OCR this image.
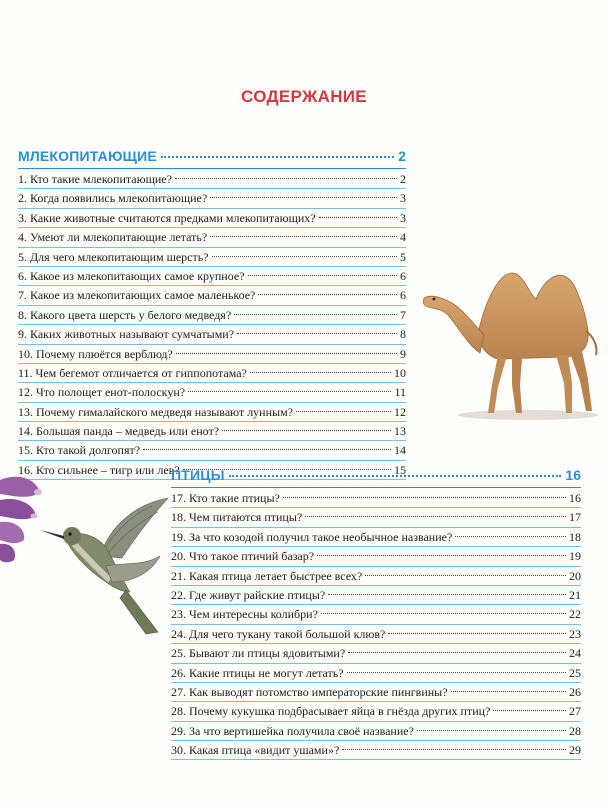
СОДЕРЖАНИЕ
МЛЕКОПИТАЮЩИЕ	2
1. Кто такие млекопитающие?	2
2. Когда появились млекопитающие?	3
3. Какие животные считаются предками млекопитающих?	3
4. Умеют ли млекопитающие летать?	4
5. Для чего млекопитающим шерсть?	5
6. Какое из млекопитающих самое крупное?	6
7. Какое из млекопитающих самое маленькое?	6
8. Какого цвета шерсть у белого медведя?	7
9. Каких животных называют сумчатыми?	8
10. Почему плюётся верблюд?	9
11. Чем бегемот отличается от гиппопотама?	10
12. Что полощет енот-полоскун?	11
13. Почему гималайского медведя называют лунным?	12
14. Большая панда – медведь или енот?	13
15. Кто такой долгопят?	14
16. Кто сильнее – тигр или лев?	15
ПТИЦЫ	16
17. Кто такие птицы?	16
18. Чем питаются птицы?	17
19. За что козодой получил такое необычное название?	18
20. Что такое птичий базар?	19
21. Какая птица летает быстрее всех?	20
22. Где живут райские птицы?	21
23. Чем интересны колибри?	22
24. Для чего тукану такой большой клюв?	23
25. Бывают ли птицы ядовитыми?	24
26. Какие птицы не могут летать?	25
27. Как выводят потомство императорские пингвины?	26
28. Почему кукушка подбрасывает яйца в гнёзда других птиц?	27
29. За что вертишейка получила своё название?	28
30. Какая птица «видит ушами»?	29
